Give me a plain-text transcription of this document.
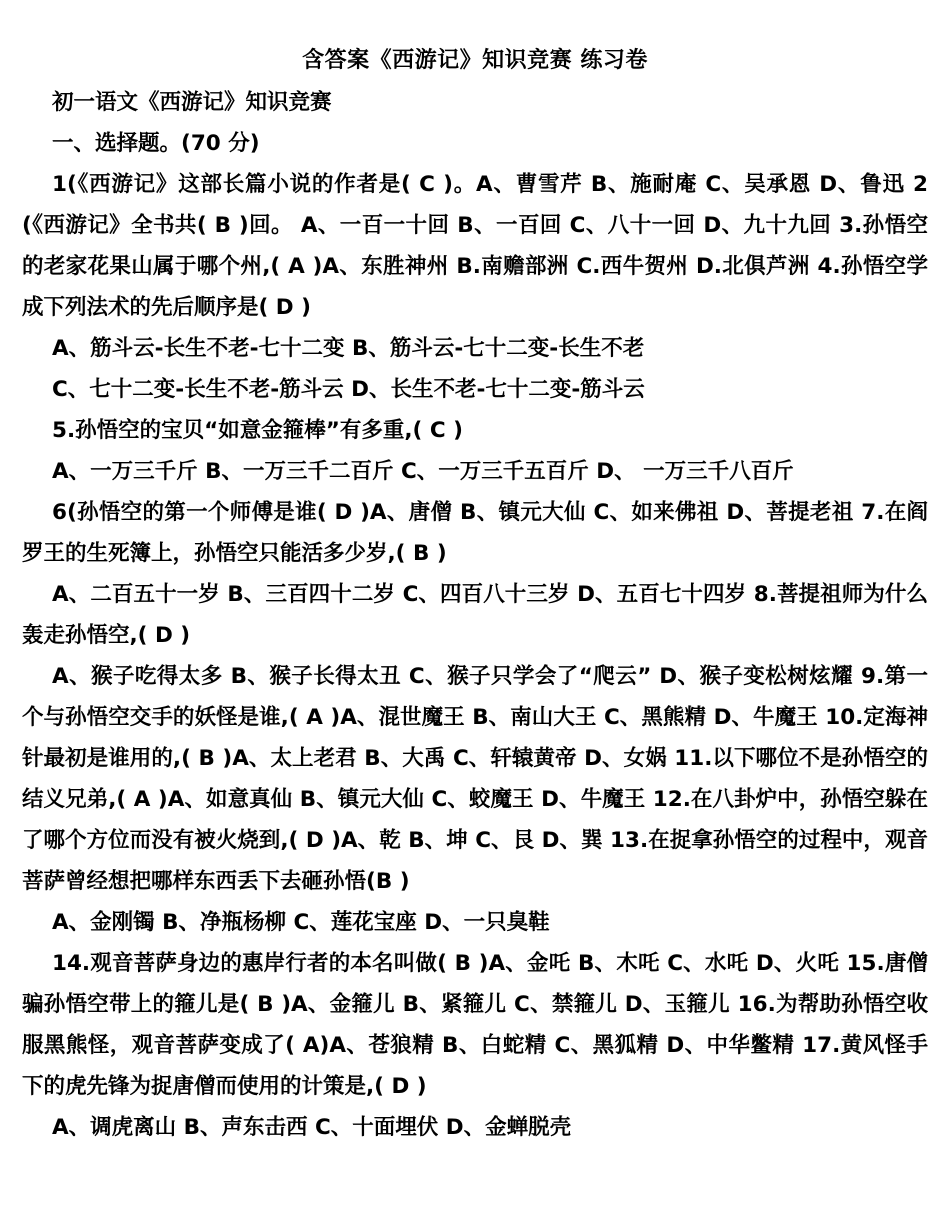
含答案《西游记》知识竞赛 练习卷

初一语文《西游记》知识竞赛

一、选择题。(70 分)

1(《西游记》这部长篇小说的作者是( C )。A、曹雪芹 B、施耐庵 C、吴承恩 D、鲁迅 2(《西游记》全书共( B )回。 A、一百一十回 B、一百回 C、八十一回 D、九十九回 3.孙悟空的老家花果山属于哪个州,( A )A、东胜神州 B.南赡部洲 C.西牛贺州 D.北俱芦洲 4.孙悟空学成下列法术的先后顺序是( D )

A、筋斗云-长生不老-七十二变 B、筋斗云-七十二变-长生不老

C、七十二变-长生不老-筋斗云 D、长生不老-七十二变-筋斗云

5.孙悟空的宝贝“如意金箍棒”有多重,( C )

A、一万三千斤 B、一万三千二百斤 C、一万三千五百斤 D、 一万三千八百斤

6(孙悟空的第一个师傅是谁( D )A、唐僧 B、镇元大仙 C、如来佛祖 D、菩提老祖 7.在阎罗王的生死簿上，孙悟空只能活多少岁,( B )

A、二百五十一岁 B、三百四十二岁 C、四百八十三岁 D、五百七十四岁 8.菩提祖师为什么轰走孙悟空,( D )

A、猴子吃得太多 B、猴子长得太丑 C、猴子只学会了“爬云” D、猴子变松树炫耀 9.第一个与孙悟空交手的妖怪是谁,( A )A、混世魔王 B、南山大王 C、黑熊精 D、牛魔王 10.定海神针最初是谁用的,( B )A、太上老君 B、大禹 C、轩辕黄帝 D、女娲 11.以下哪位不是孙悟空的结义兄弟,( A )A、如意真仙 B、镇元大仙 C、蛟魔王 D、牛魔王 12.在八卦炉中，孙悟空躲在了哪个方位而没有被火烧到,( D )A、乾 B、坤 C、艮 D、巽 13.在捉拿孙悟空的过程中，观音菩萨曾经想把哪样东西丢下去砸孙悟(B )

A、金刚镯 B、净瓶杨柳 C、莲花宝座 D、一只臭鞋

14.观音菩萨身边的惠岸行者的本名叫做( B )A、金吒 B、木吒 C、水吒 D、火吒 15.唐僧骗孙悟空带上的箍儿是( B )A、金箍儿 B、紧箍儿 C、禁箍儿 D、玉箍儿 16.为帮助孙悟空收服黑熊怪，观音菩萨变成了( A)A、苍狼精 B、白蛇精 C、黑狐精 D、中华鳖精 17.黄风怪手下的虎先锋为捉唐僧而使用的计策是,( D )

A、调虎离山 B、声东击西 C、十面埋伏 D、金蝉脱壳
